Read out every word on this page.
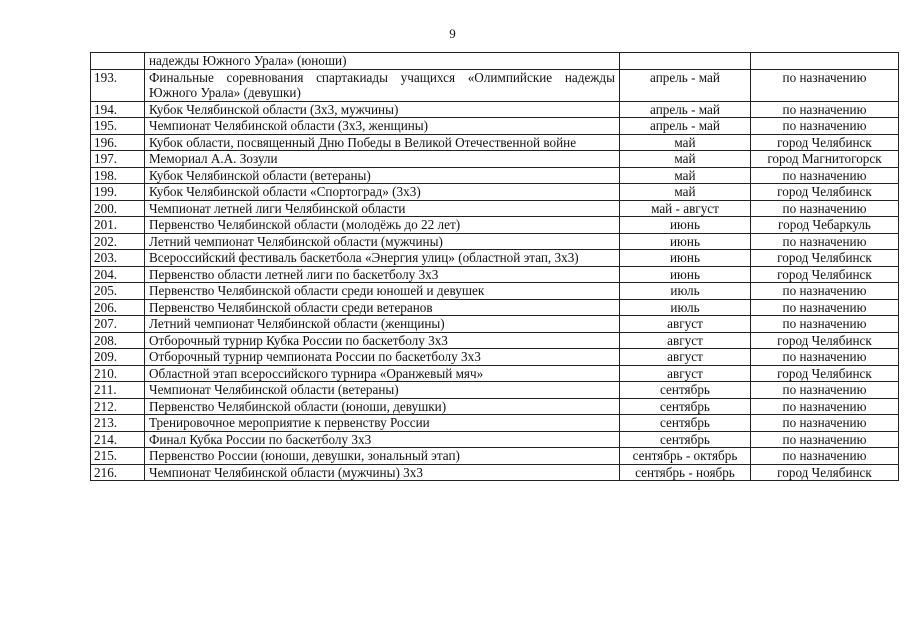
9
	надежды Южного Урала» (юноши)		
193.	Финальные соревнования спартакиады учащихся «Олимпийские надежды Южного Урала» (девушки)	апрель - май	по назначению
194.	Кубок Челябинской области (3х3, мужчины)	апрель - май	по назначению
195.	Чемпионат Челябинской области (3х3, женщины)	апрель - май	по назначению
196.	Кубок области, посвященный Дню Победы в Великой Отечественной войне	май	город Челябинск
197.	Мемориал А.А. Зозули	май	город Магнитогорск
198.	Кубок Челябинской области (ветераны)	май	по назначению
199.	Кубок Челябинской области «Спортоград» (3х3)	май	город Челябинск
200.	Чемпионат летней лиги Челябинской области	май - август	по назначению
201.	Первенство Челябинской области (молодёжь до 22 лет)	июнь	город Чебаркуль
202.	Летний чемпионат Челябинской области (мужчины)	июнь	по назначению
203.	Всероссийский фестиваль баскетбола «Энергия улиц» (областной этап, 3х3)	июнь	город Челябинск
204.	Первенство области летней лиги по баскетболу 3х3	июнь	город Челябинск
205.	Первенство Челябинской области среди юношей и девушек	июль	по назначению
206.	Первенство Челябинской области среди ветеранов	июль	по назначению
207.	Летний чемпионат Челябинской области (женщины)	август	по назначению
208.	Отборочный турнир Кубка России по баскетболу 3х3	август	город Челябинск
209.	Отборочный турнир чемпионата России по баскетболу 3х3	август	по назначению
210.	Областной этап всероссийского турнира «Оранжевый мяч»	август	город Челябинск
211.	Чемпионат Челябинской области (ветераны)	сентябрь	по назначению
212.	Первенство Челябинской области (юноши, девушки)	сентябрь	по назначению
213.	Тренировочное мероприятие к первенству России	сентябрь	по назначению
214.	Финал Кубка России по баскетболу 3х3	сентябрь	по назначению
215.	Первенство России (юноши, девушки, зональный этап)	сентябрь - октябрь	по назначению
216.	Чемпионат Челябинской области (мужчины) 3х3	сентябрь - ноябрь	город Челябинск
